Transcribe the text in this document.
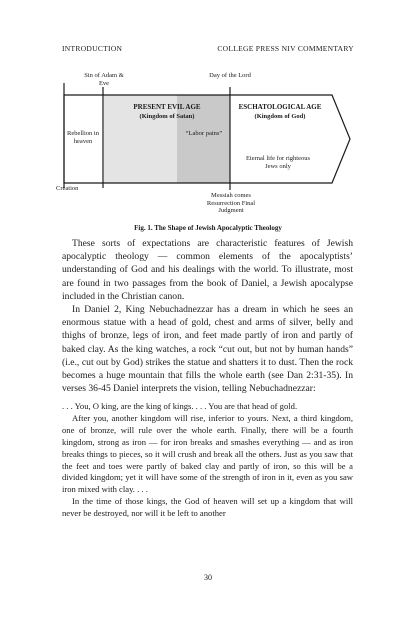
INTRODUCTION	COLLEGE PRESS NIV COMMENTARY
Sin of Adam & Eve
Day of the Lord
PRESENT EVIL AGE
(Kingdom of Satan)
ESCHATOLOGICAL AGE
(Kingdom of God)
Rebellion in heaven
“Labor pains”
Eternal life for righteous Jews only
Creation
Messiah comes Resurrection Final Judgment
Fig. 1. The Shape of Jewish Apocalyptic Theology

These sorts of expectations are characteristic features of Jewish apocalyptic theology — common elements of the apocalyptists’ understanding of God and his dealings with the world. To illustrate, most are found in two passages from the book of Daniel, a Jewish apocalypse included in the Christian canon.

In Daniel 2, King Nebuchadnezzar has a dream in which he sees an enormous statue with a head of gold, chest and arms of silver, belly and thighs of bronze, legs of iron, and feet made partly of iron and partly of baked clay. As the king watches, a rock “cut out, but not by human hands” (i.e., cut out by God) strikes the statue and shatters it to dust. Then the rock becomes a huge mountain that fills the whole earth (see Dan 2:31-35). In verses 36-45 Daniel interprets the vision, telling Nebuchadnezzar:

. . . You, O king, are the king of kings. . . . You are that head of gold.

After you, another kingdom will rise, inferior to yours. Next, a third kingdom, one of bronze, will rule over the whole earth. Finally, there will be a fourth kingdom, strong as iron — for iron breaks and smashes everything — and as iron breaks things to pieces, so it will crush and break all the others. Just as you saw that the feet and toes were partly of baked clay and partly of iron, so this will be a divided kingdom; yet it will have some of the strength of iron in it, even as you saw iron mixed with clay. . . .

In the time of those kings, the God of heaven will set up a kingdom that will never be destroyed, nor will it be left to another

30
